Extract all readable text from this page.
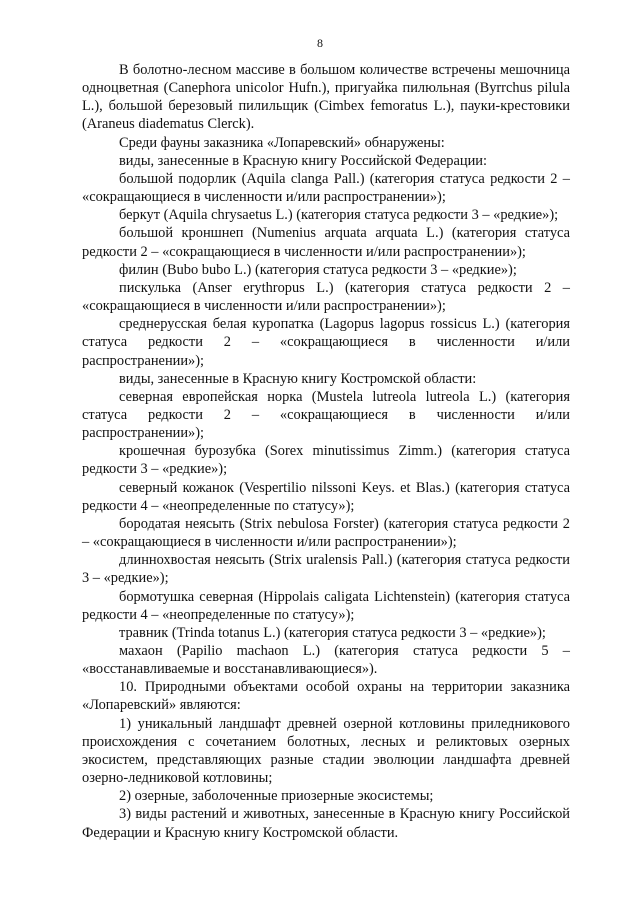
8

В болотно-лесном массиве в большом количестве встречены мешочница одноцветная (Canephora unicolor Hufn.), пригуайка пилюльная (Byrrchus pilula L.), большой березовый пилильщик (Cimbex femoratus L.), пауки-крестовики (Araneus diadematus Clerck).

Среди фауны заказника «Лопаревский» обнаружены:

виды, занесенные в Красную книгу Российской Федерации:

большой подорлик (Aquila clanga Pall.) (категория статуса редкости 2 – «сокращающиеся в численности и/или распространении»);

беркут (Aquila chrysaetus L.) (категория статуса редкости 3 – «редкие»);

большой кроншнеп (Numenius arquata arquata L.) (категория статуса редкости 2 – «сокращающиеся в численности и/или распространении»);

филин (Bubo bubo L.) (категория статуса редкости 3 – «редкие»);

пискулька (Anser erythropus L.) (категория статуса редкости 2 – «сокращающиеся в численности и/или распространении»);

среднерусская белая куропатка (Lagopus lagopus rossicus L.) (категория статуса редкости 2 – «сокращающиеся в численности и/или распространении»);

виды, занесенные в Красную книгу Костромской области:

северная европейская норка (Mustela lutreola lutreola L.) (категория статуса редкости 2 – «сокращающиеся в численности и/или распространении»);

крошечная бурозубка (Sorex minutissimus Zimm.) (категория статуса редкости 3 – «редкие»);

северный кожанок (Vespertilio nilssoni Keys. et Blas.) (категория статуса редкости 4 – «неопределенные по статусу»);

бородатая неясыть (Strix nebulosa Forster) (категория статуса редкости 2 – «сокращающиеся в численности и/или распространении»);

длиннохвостая неясыть (Strix uralensis Pall.) (категория статуса редкости 3 – «редкие»);

бормотушка северная (Hippolais caligata Lichtenstein) (категория статуса редкости 4 – «неопределенные по статусу»);

травник (Trinda totanus L.) (категория статуса редкости 3 – «редкие»);

махаон (Papilio machaon L.) (категория статуса редкости 5 – «восстанавливаемые и восстанавливающиеся»).

10. Природными объектами особой охраны на территории заказника «Лопаревский» являются:

1) уникальный ландшафт древней озерной котловины приледникового происхождения с сочетанием болотных, лесных и реликтовых озерных экосистем, представляющих разные стадии эволюции ландшафта древней озерно-ледниковой котловины;

2) озерные, заболоченные приозерные экосистемы;

3) виды растений и животных, занесенные в Красную книгу Российской Федерации и Красную книгу Костромской области.
